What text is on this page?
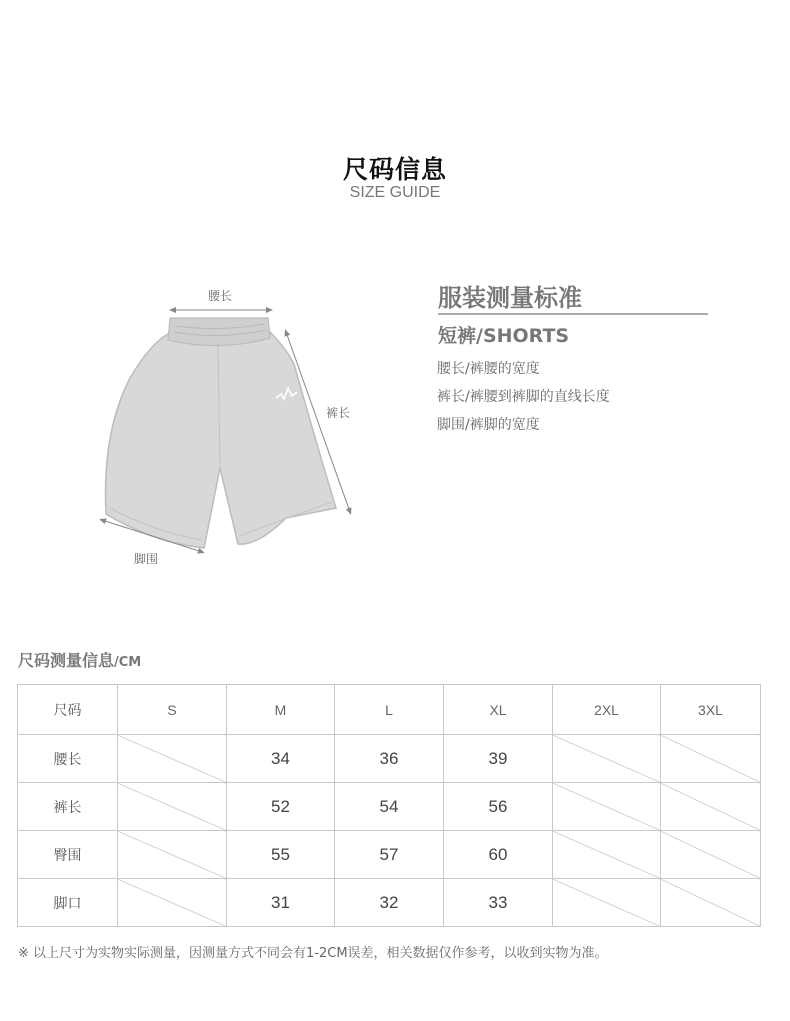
尺码信息
SIZE GUIDE
腰长
裤长
脚围
服装测量标准
短裤/SHORTS
腰长/裤腰的宽度
裤长/裤腰到裤脚的直线长度
脚围/裤脚的宽度
尺码测量信息/CM
尺码	S	M	L	XL	2XL	3XL
腰长		34	36	39		
裤长		52	54	56		
臀围		55	57	60		
脚口		31	32	33		
※ 以上尺寸为实物实际测量，因测量方式不同会有1-2CM误差，相关数据仅作参考，以收到实物为准。
